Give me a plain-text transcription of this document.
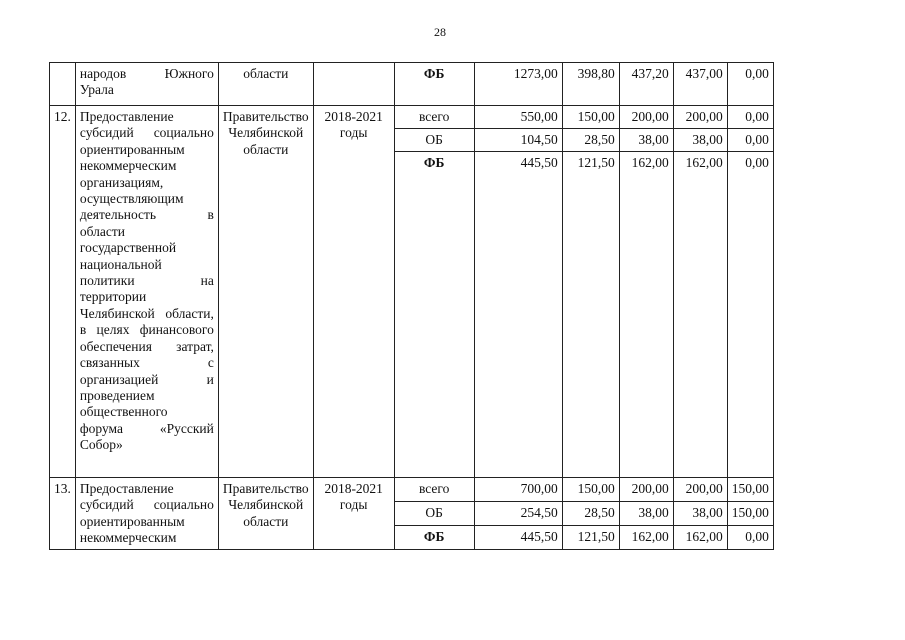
28
	народов Южного Урала	области		ФБ	1273,00	398,80	437,20	437,00	0,00
12.	Предоставление субсидий социально ориентированным некоммерческим организациям, осуществляющим деятельность в области государственной национальной политики на территории Челябинской области, в целях финансового обеспечения затрат, связанных с организацией и проведением общественного форума «Русский Собор»	Правительство Челябинской области	2018-2021 годы	всего	550,00	150,00	200,00	200,00	0,00
				ОБ	104,50	28,50	38,00	38,00	0,00
				ФБ	445,50	121,50	162,00	162,00	0,00
13.	Предоставление субсидий социально ориентированным некоммерческим	Правительство Челябинской области	2018-2021 годы	всего	700,00	150,00	200,00	200,00	150,00
				ОБ	254,50	28,50	38,00	38,00	150,00
				ФБ	445,50	121,50	162,00	162,00	0,00
